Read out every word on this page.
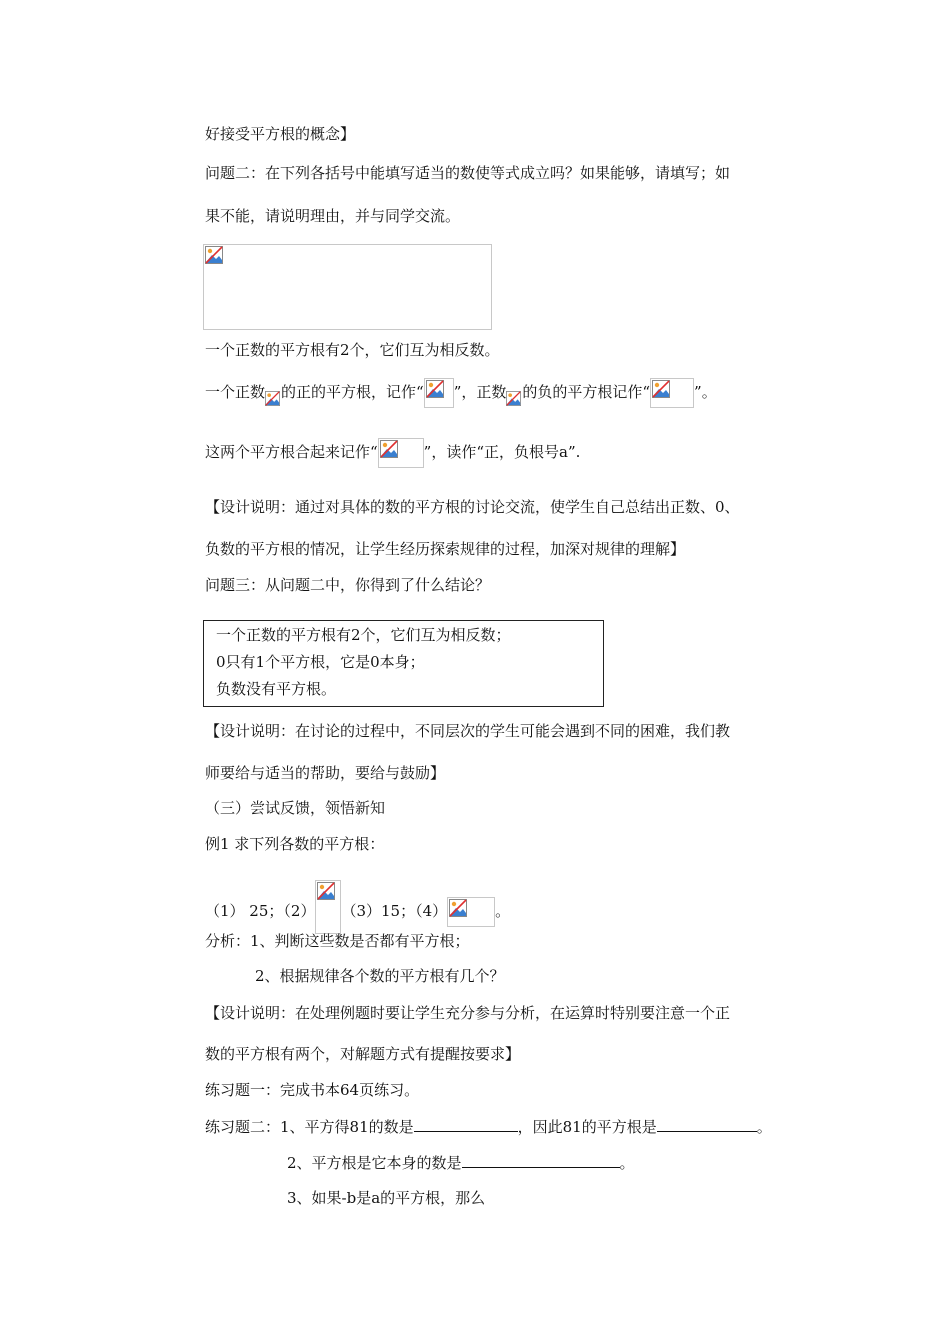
好接受平方根的概念】
问题二：在下列各括号中能填写适当的数使等式成立吗？如果能够，请填写；如
果不能，请说明理由，并与同学交流。
一个正数的平方根有2个，它们互为相反数。
一个正数 的正的平方根，记作“ ”，正数 的负的平方根记作“	”。
这两个平方根合起来记作“	”，读作“正，负根号a”.
【设计说明：通过对具体的数的平方根的讨论交流，使学生自己总结出正数、0、
负数的平方根的情况，让学生经历探索规律的过程，加深对规律的理解】
问题三：从问题二中，你得到了什么结论？
一个正数的平方根有2个，它们互为相反数；
0只有1个平方根，它是0本身；
负数没有平方根。
【设计说明：在讨论的过程中，不同层次的学生可能会遇到不同的困难，我们教
师要给与适当的帮助，要给与鼓励】
（三）尝试反馈，领悟新知
例1 求下列各数的平方根：
（1） 25；（2） （3）15；（4）	。
分析：1、判断这些数是否都有平方根；
2、根据规律各个数的平方根有几个？
【设计说明：在处理例题时要让学生充分参与分析，在运算时特别要注意一个正
数的平方根有两个，对解题方式有提醒按要求】
练习题一：完成书本64页练习。
练习题二：1、平方得81的数是	，因此81的平方根是	。
2、平方根是它本身的数是	。
3、如果-b是a的平方根，那么
